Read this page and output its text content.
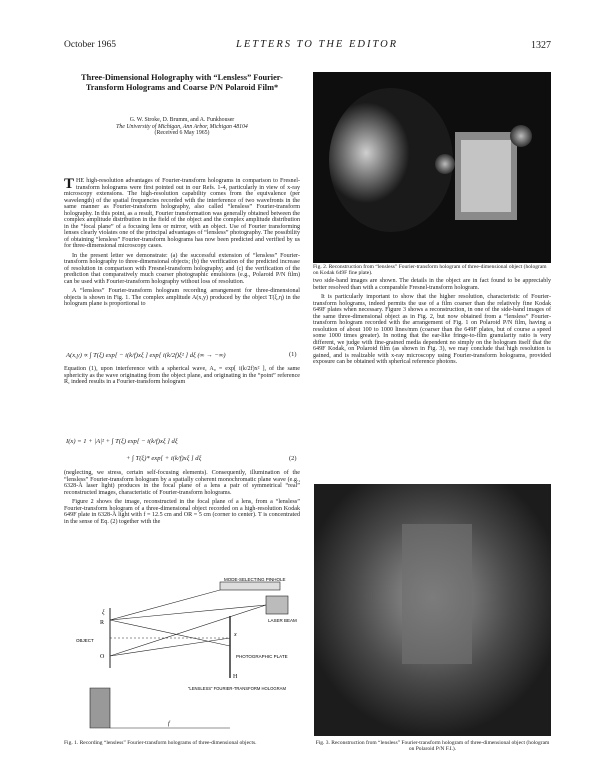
October 1965	LETTERS TO THE EDITOR	1327
Three-Dimensional Holography with “Lensless” Fourier-Transform Holograms and Coarse P/N Polaroid Film*
G. W. Stroke, D. Brumm, and A. Funkhouser
The University of Michigan, Ann Arbor, Michigan 48104
(Received 6 May 1965)

THE high-resolution advantages of Fourier-transform holograms in comparison to Fresnel-transform holograms were first pointed out in our Refs. 1-4, particularly in view of x-ray microscopy extensions. The high-resolution capability comes from the equivalence (per wavelength) of the spatial frequencies recorded with the interference of two wavefronts in the same manner as Fourier-transform holography, also called “lensless” Fourier-transform holography. In this point, as a result, Fourier transformation was generally obtained between the complex amplitude distribution in the field of the object and the complex amplitude distribution in the “focal plane” of a focusing lens or mirror, with an object. Use of Fourier transforming lenses clearly violates one of the principal advantages of “lensless” photography. The possibility of obtaining “lensless” Fourier-transform holograms has now been predicted and verified by us for three-dimensional microscopy cases.

In the present letter we demonstrate: (a) the successful extension of “lensless” Fourier-transform holography to three-dimensional objects; (b) the verification of the predicted increase of resolution in comparison with Fresnel-transform holography; and (c) the verification of the prediction that comparatively much coarser photographic emulsions (e.g., Polaroid P/N film) can be used with Fourier-transform holography without loss of resolution.

A “lensless” Fourier-transform hologram recording arrangement for three-dimensional objects is shown in Fig. 1. The complex amplitude A(x,y) produced by the object T(ξ,η) in the hologram plane is proportional to

A(x,y) ∝ ∫ T(ξ) exp[ − i(k/f)xξ ] exp[ i(k/2f)ξ² ] dξ (∞ → −∞)	(1)

Equation (1), upon interference with a spherical wave, A₀ = exp[ i(k/2f)x² ], of the same sphericity as the wave originating from the object plane, and originating in the “point” reference R, indeed results in a Fourier-transform hologram

I(x) = 1 + |A|² + ∫ T(ξ) exp[ − i(k/f)xξ ] dξ
+ ∫ T(ξ)* exp[ + i(k/f)xξ ] dξ	(2)

(neglecting, we stress, certain self-focusing elements). Consequently, illumination of the “lensless” Fourier-transform hologram by a spatially coherent monochromatic plane wave (e.g., 6328-Å laser light) produces in the focal plane of a lens a pair of symmetrical “real” reconstructed images, characteristic of Fourier-transform holograms.

Figure 2 shows the image, reconstructed in the focal plane of a lens, from a “lensless” Fourier-transform hologram of a three-dimensional object recorded on a high-resolution Kodak 649F plate in 6328-Å light with f = 12.5 cm and OR = 5 cm (corner to center). T is concentrated in the sense of Eq. (2) together with the

MODE-SELECTING PINHOLE
LASER BEAM
OBJECT
PHOTOGRAPHIC PLATE
“LENSLESS” FOURIER-TRANSFORM HOLOGRAM
f
x
ξ
H
R
O
Fig. 1. Recording “lensless” Fourier-transform holograms of three-dimensional objects.
Fig. 2. Reconstruction from “lensless” Fourier-transform hologram of three-dimensional object (hologram on Kodak 649F fine plate).

two side-band images are shown. The details in the object are in fact found to be appreciably better resolved than with a comparable Fresnel-transform hologram.

It is particularly important to show that the higher resolution, characteristic of Fourier-transform holograms, indeed permits the use of a film coarser than the relatively fine Kodak 649F plates when necessary. Figure 3 shows a reconstruction, in one of the side-band images of the same three-dimensional object as in Fig. 2, but now obtained from a “lensless” Fourier-transform hologram recorded with the arrangement of Fig. 1 on Polaroid P/N film, having a resolution of about 100 to 1000 lines/mm (coarser than the 649F plates, but of course a speed some 1000 times greater). In noting that the ear-like fringe-to-film granularity ratio is very different, we judge with fine-grained media dependent no simply on the hologram itself that the 649F Kodak, on Polaroid film (as shown in Fig. 3), we may conclude that high resolution is gained, and is realizable with x-ray microscopy using Fourier-transform holograms, provided exposure can be obtained with spherical reference photons.

Fig. 3. Reconstruction from “lensless” Fourier-transform hologram of three-dimensional object (hologram on Polaroid P/N F.I.).
